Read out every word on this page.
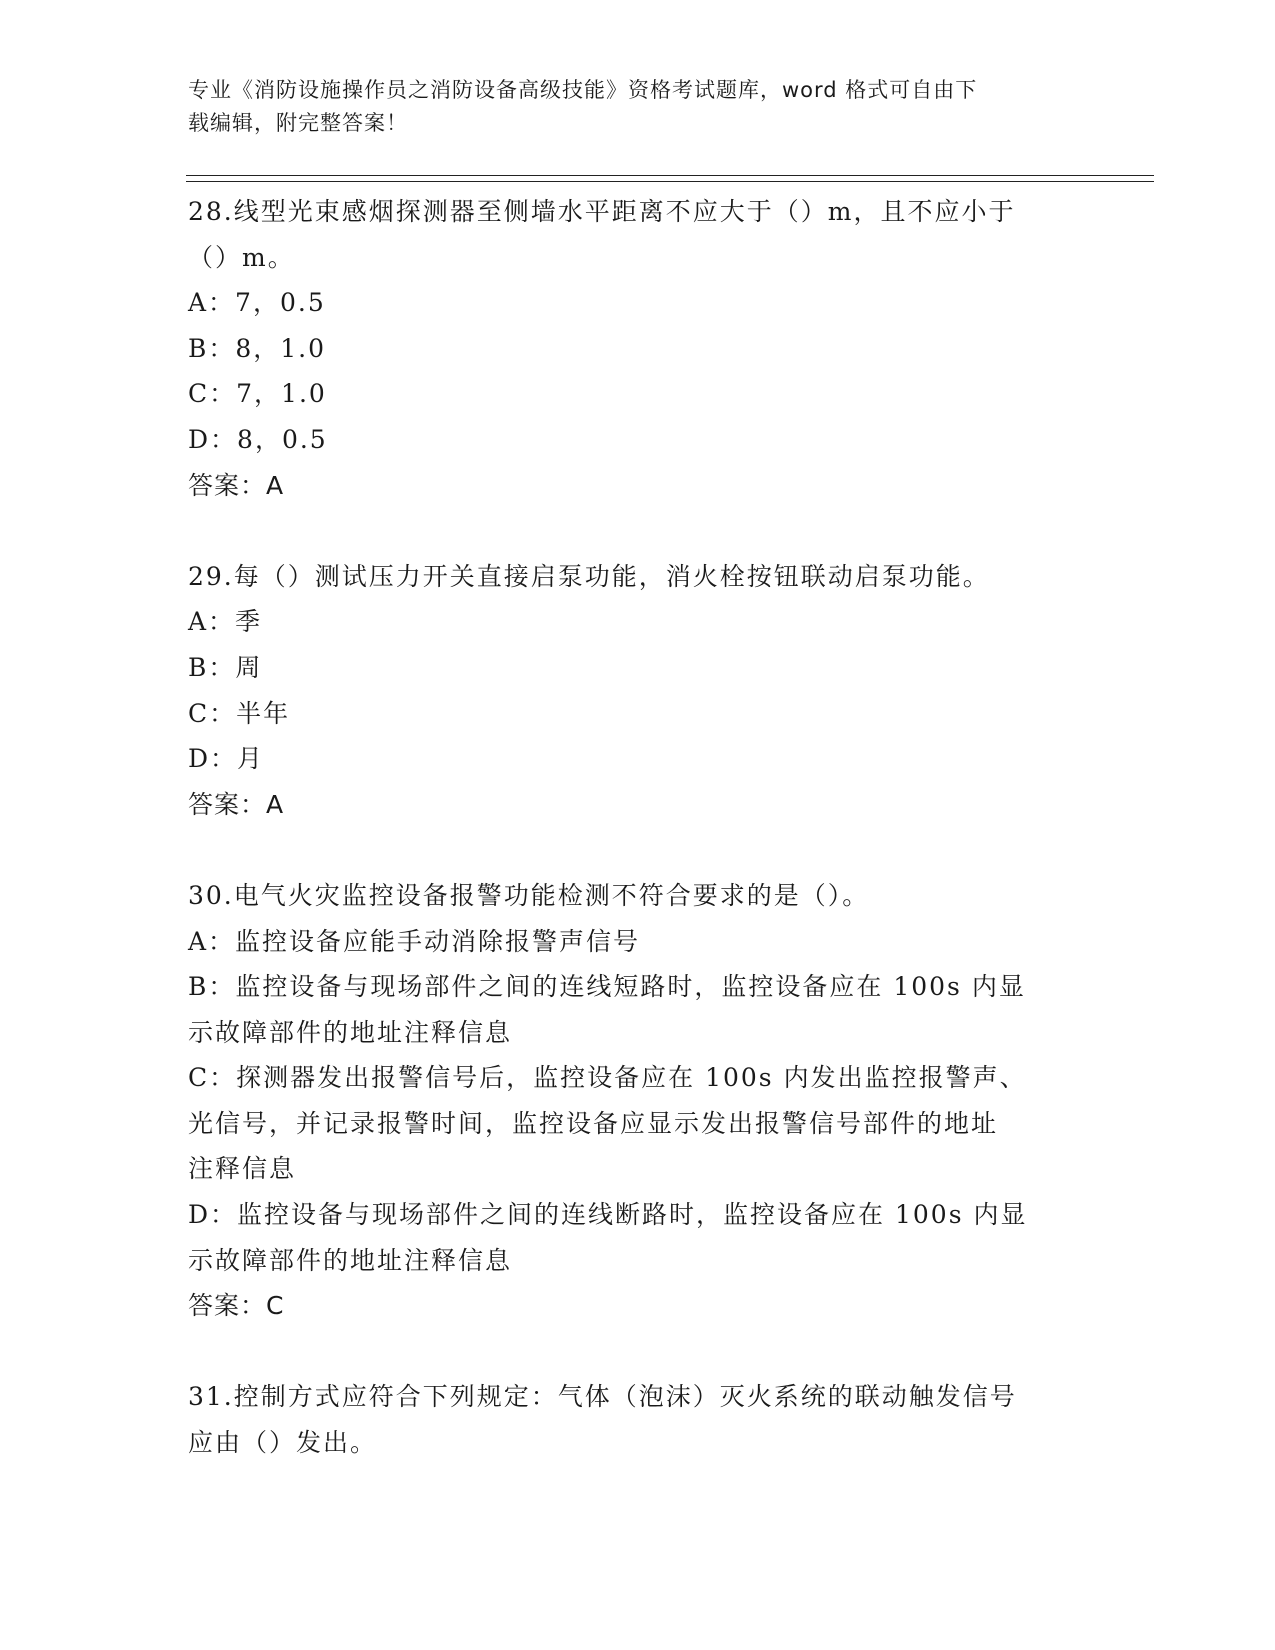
专业《消防设施操作员之消防设备高级技能》资格考试题库，word 格式可自由下
载编辑，附完整答案！
28.线型光束感烟探测器至侧墙水平距离不应大于（）m，且不应小于
（）m。
A：7，0.5
B：8，1.0
C：7，1.0
D：8，0.5
答案：A
29.每（）测试压力开关直接启泵功能，消火栓按钮联动启泵功能。
A：季
B：周
C：半年
D：月
答案：A
30.电气火灾监控设备报警功能检测不符合要求的是（）。
A：监控设备应能手动消除报警声信号
B：监控设备与现场部件之间的连线短路时，监控设备应在 100s 内显
示故障部件的地址注释信息
C：探测器发出报警信号后，监控设备应在 100s 内发出监控报警声、
光信号，并记录报警时间，监控设备应显示发出报警信号部件的地址
注释信息
D：监控设备与现场部件之间的连线断路时，监控设备应在 100s 内显
示故障部件的地址注释信息
答案：C
31.控制方式应符合下列规定：气体（泡沫）灭火系统的联动触发信号
应由（）发出。
